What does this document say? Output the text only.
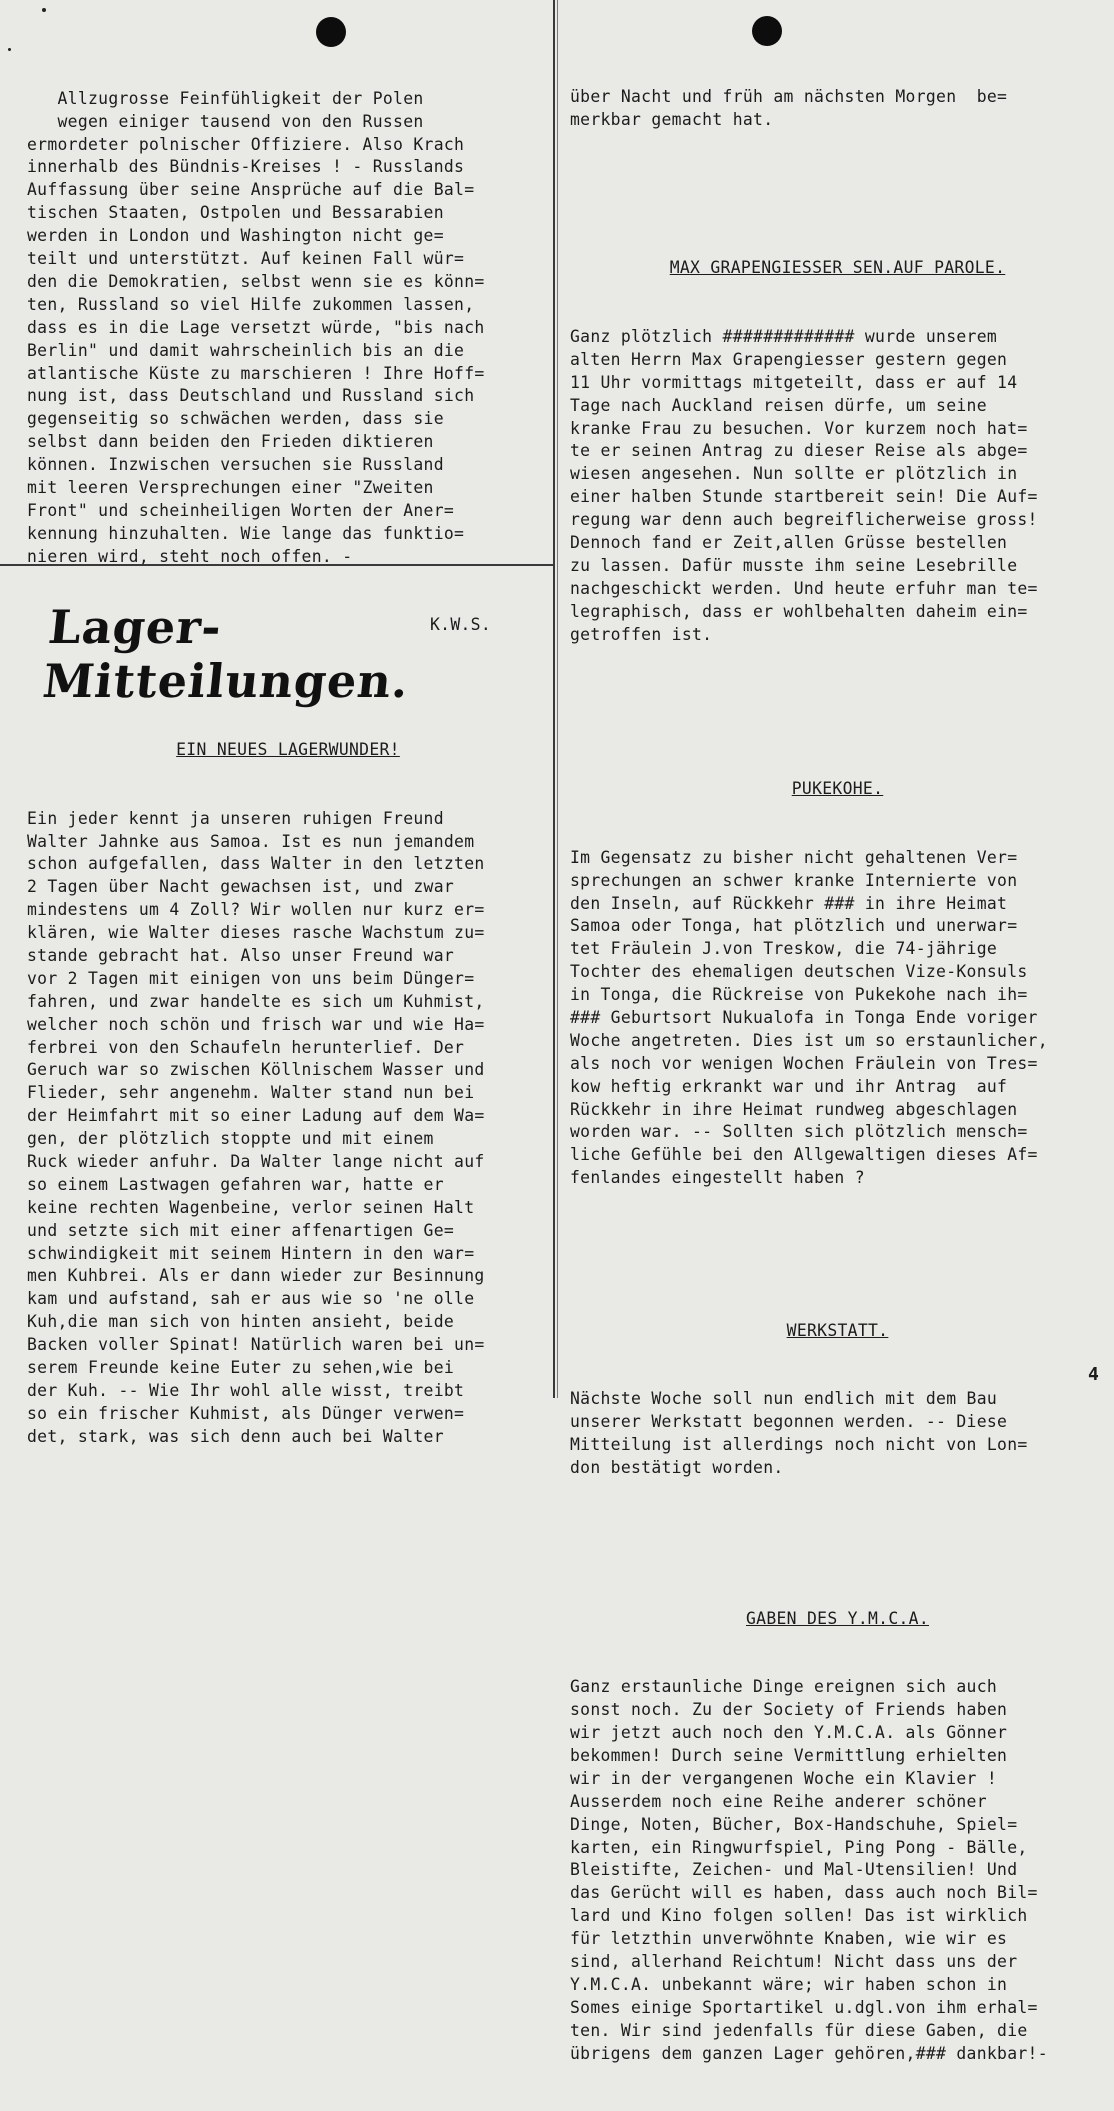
Allzugrosse Feinfühligkeit der Polen
wegen einiger tausend von den Russen
ermordeter polnischer Offiziere. Also Krach
innerhalb des Bündnis-Kreises ! - Russlands
Auffassung über seine Ansprüche auf die Bal=
tischen Staaten, Ostpolen und Bessarabien
werden in London und Washington nicht ge=
teilt und unterstützt. Auf keinen Fall wür=
den die Demokratien, selbst wenn sie es könn=
ten, Russland so viel Hilfe zukommen lassen,
dass es in die Lage versetzt würde, "bis nach
Berlin" und damit wahrscheinlich bis an die
atlantische Küste zu marschieren ! Ihre Hoff=
nung ist, dass Deutschland und Russland sich
gegenseitig so schwächen werden, dass sie
selbst dann beiden den Frieden diktieren
können. Inzwischen versuchen sie Russland
mit leeren Versprechungen einer "Zweiten
Front" und scheinheiligen Worten der Aner=
kennung hinzuhalten. Wie lange das funktio=
nieren wird, steht noch offen. -

K.W.S.

Lager-Mitteilungen.

EIN NEUES LAGERWUNDER!

Ein jeder kennt ja unseren ruhigen Freund
Walter Jahnke aus Samoa. Ist es nun jemandem
schon aufgefallen, dass Walter in den letzten
2 Tagen über Nacht gewachsen ist, und zwar
mindestens um 4 Zoll? Wir wollen nur kurz er=
klären, wie Walter dieses rasche Wachstum zu=
stande gebracht hat. Also unser Freund war
vor 2 Tagen mit einigen von uns beim Dünger=
fahren, und zwar handelte es sich um Kuhmist,
welcher noch schön und frisch war und wie Ha=
ferbrei von den Schaufeln herunterlief. Der
Geruch war so zwischen Köllnischem Wasser und
Flieder, sehr angenehm. Walter stand nun bei
der Heimfahrt mit so einer Ladung auf dem Wa=
gen, der plötzlich stoppte und mit einem
Ruck wieder anfuhr. Da Walter lange nicht auf
so einem Lastwagen gefahren war, hatte er
keine rechten Wagenbeine, verlor seinen Halt
und setzte sich mit einer affenartigen Ge=
schwindigkeit mit seinem Hintern in den war=
men Kuhbrei. Als er dann wieder zur Besinnung
kam und aufstand, sah er aus wie so 'ne olle
Kuh,die man sich von hinten ansieht, beide
Backen voller Spinat! Natürlich waren bei un=
serem Freunde keine Euter zu sehen,wie bei
der Kuh. -- Wie Ihr wohl alle wisst, treibt
so ein frischer Kuhmist, als Dünger verwen=
det, stark, was sich denn auch bei Walter

über Nacht und früh am nächsten Morgen  be=
merkbar gemacht hat.

MAX GRAPENGIESSER SEN.AUF PAROLE.

Ganz plötzlich ############# wurde unserem
alten Herrn Max Grapengiesser gestern gegen
11 Uhr vormittags mitgeteilt, dass er auf 14
Tage nach Auckland reisen dürfe, um seine
kranke Frau zu besuchen. Vor kurzem noch hat=
te er seinen Antrag zu dieser Reise als abge=
wiesen angesehen. Nun sollte er plötzlich in
einer halben Stunde startbereit sein! Die Auf=
regung war denn auch begreiflicherweise gross!
Dennoch fand er Zeit,allen Grüsse bestellen
zu lassen. Dafür musste ihm seine Lesebrille
nachgeschickt werden. Und heute erfuhr man te=
legraphisch, dass er wohlbehalten daheim ein=
getroffen ist.

PUKEKOHE.

Im Gegensatz zu bisher nicht gehaltenen Ver=
sprechungen an schwer kranke Internierte von
den Inseln, auf Rückkehr ### in ihre Heimat
Samoa oder Tonga, hat plötzlich und unerwar=
tet Fräulein J.von Treskow, die 74-jährige
Tochter des ehemaligen deutschen Vize-Konsuls
in Tonga, die Rückreise von Pukekohe nach ih=
### Geburtsort Nukualofa in Tonga Ende voriger
Woche angetreten. Dies ist um so erstaunlicher,
als noch vor wenigen Wochen Fräulein von Tres=
kow heftig erkrankt war und ihr Antrag  auf
Rückkehr in ihre Heimat rundweg abgeschlagen
worden war. -- Sollten sich plötzlich mensch=
liche Gefühle bei den Allgewaltigen dieses Af=
fenlandes eingestellt haben ?

WERKSTATT.

Nächste Woche soll nun endlich mit dem Bau
unserer Werkstatt begonnen werden. -- Diese
Mitteilung ist allerdings noch nicht von Lon=
don bestätigt worden.

GABEN DES Y.M.C.A.

Ganz erstaunliche Dinge ereignen sich auch
sonst noch. Zu der Society of Friends haben
wir jetzt auch noch den Y.M.C.A. als Gönner
bekommen! Durch seine Vermittlung erhielten
wir in der vergangenen Woche ein Klavier !
Ausserdem noch eine Reihe anderer schöner
Dinge, Noten, Bücher, Box-Handschuhe, Spiel=
karten, ein Ringwurfspiel, Ping Pong - Bälle,
Bleistifte, Zeichen- und Mal-Utensilien! Und
das Gerücht will es haben, dass auch noch Bil=
lard und Kino folgen sollen! Das ist wirklich
für letzthin unverwöhnte Knaben, wie wir es
sind, allerhand Reichtum! Nicht dass uns der
Y.M.C.A. unbekannt wäre; wir haben schon in
Somes einige Sportartikel u.dgl.von ihm erhal=
ten. Wir sind jedenfalls für diese Gaben, die
übrigens dem ganzen Lager gehören,### dankbar!-

4
